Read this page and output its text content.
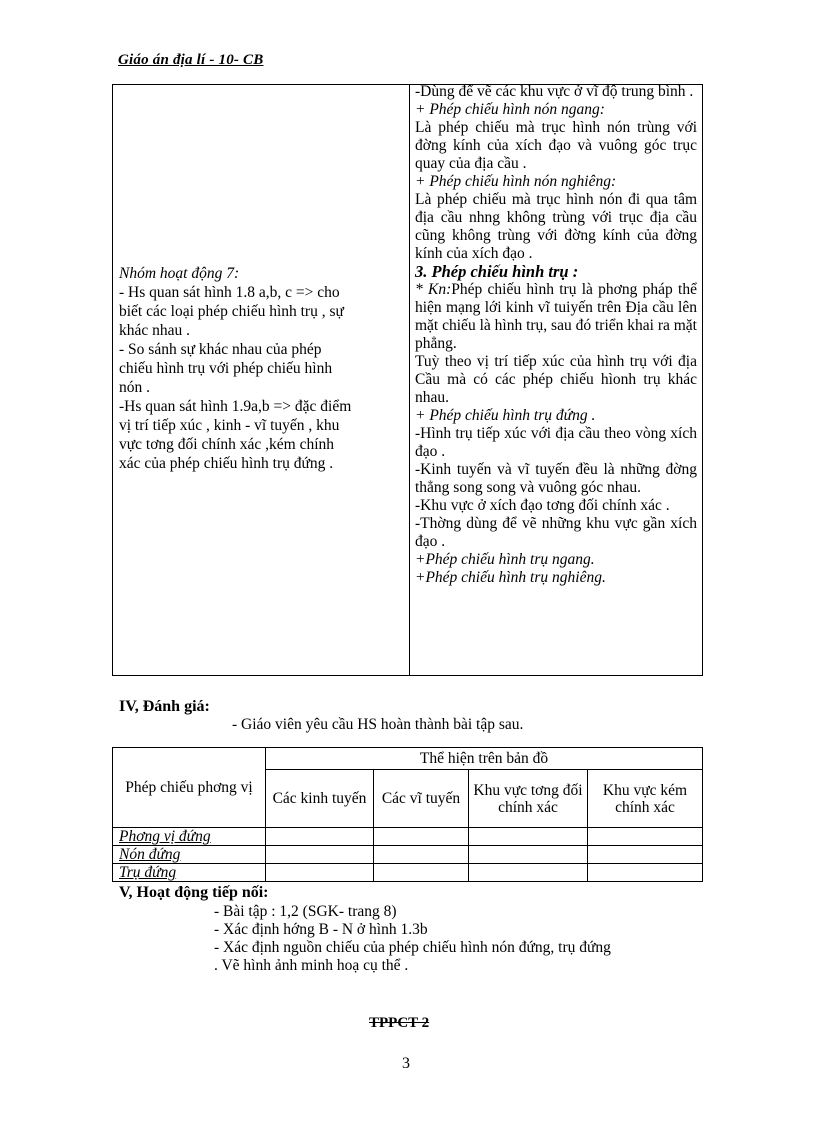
Giáo án địa lí - 10- CB

Nhóm hoạt động 7:

- Hs quan sát hình 1.8 a,b, c => cho

biết các loại phép chiếu hình trụ , sự

khác nhau .

- So sánh sự khác nhau của phép

chiếu hình trụ với phép chiếu hình

nón .

-Hs quan sát hình 1.9a,b => đặc điểm

vị trí tiếp xúc , kinh - vĩ tuyến , khu

vực tơng đối chính xác ,kém chính

xác của phép chiếu hình trụ đứng .

-Dùng để vẽ các khu vực ở vĩ độ trung bình .

+ Phép chiếu hình nón ngang:

Là phép chiếu mà trục hình nón trùng với đờng kính của xích đạo và vuông góc trục quay của địa cầu .

+ Phép chiếu hình nón nghiêng:

Là phép chiếu mà trục hình nón đi qua tâm địa cầu nhng không trùng với trục địa cầu cũng không trùng với đờng kính của đờng kính của xích đạo .

3. Phép chiếu hình trụ :

* Kn:Phép chiếu hình trụ là phơng pháp thể hiện mạng lới kinh vĩ tuiyến trên Địa cầu lên mặt chiếu là hình trụ, sau đó triển khai ra mặt phẳng.

Tuỳ theo vị trí tiếp xúc của hình trụ với địa Cầu mà có các phép chiếu hìonh trụ khác nhau.

+ Phép chiếu hình trụ đứng .

-Hình trụ tiếp xúc với địa cầu theo vòng xích đạo .

-Kinh tuyến và vĩ tuyến đều là những đờng thẳng song song và vuông góc nhau.

-Khu vực ở xích đạo tơng đối chính xác .

-Thờng dùng để vẽ những khu vực gần xích đạo .

+Phép chiếu hình trụ ngang.

+Phép chiếu hình trụ nghiêng.

IV, Đánh giá:
- Giáo viên yêu cầu HS hoàn thành bài tập sau.
Phép chiếu phơng vị	Thể hiện trên bản đồ			
	Các kinh tuyến	Các vĩ tuyến	Khu vực tơng đối chính xác	Khu vực kém chính xác
Phơng vị đứng				
Nón đứng				
Trụ đứng				
V, Hoạt động tiếp nối:
- Bài tập : 1,2 (SGK- trang 8)
- Xác định hớng B - N ở hình 1.3b
- Xác định nguồn chiếu của phép chiếu hình nón đứng, trụ đứng
. Vẽ hình ảnh minh hoạ cụ thể .
TPPCT 2
3
